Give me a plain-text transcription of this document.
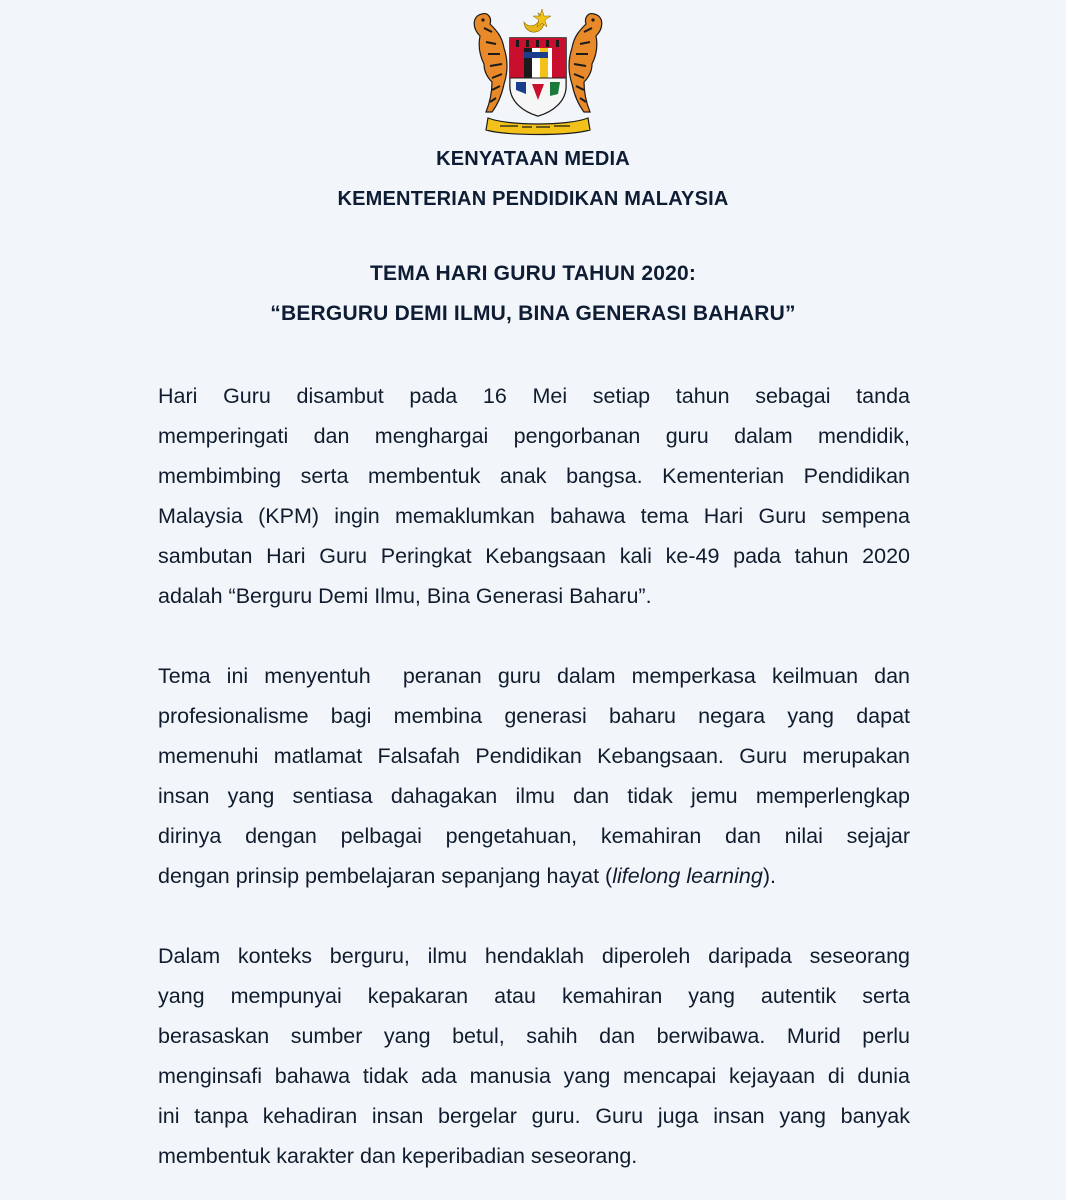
KENYATAAN MEDIA
KEMENTERIAN PENDIDIKAN MALAYSIA
TEMA HARI GURU TAHUN 2020:
“BERGURU DEMI ILMU, BINA GENERASI BAHARU”
Hari Guru disambut pada 16 Mei setiap tahun sebagai tanda
memperingati dan menghargai pengorbanan guru dalam mendidik,
membimbing serta membentuk anak bangsa. Kementerian Pendidikan
Malaysia (KPM) ingin memaklumkan bahawa tema Hari Guru sempena
sambutan Hari Guru Peringkat Kebangsaan kali ke-49 pada tahun 2020
adalah “Berguru Demi Ilmu, Bina Generasi Baharu”.
Tema ini menyentuh  peranan guru dalam memperkasa keilmuan dan
profesionalisme bagi membina generasi baharu negara yang dapat
memenuhi matlamat Falsafah Pendidikan Kebangsaan. Guru merupakan
insan yang sentiasa dahagakan ilmu dan tidak jemu memperlengkap
dirinya dengan pelbagai pengetahuan, kemahiran dan nilai sejajar
dengan prinsip pembelajaran sepanjang hayat (lifelong learning).
Dalam konteks berguru, ilmu hendaklah diperoleh daripada seseorang
yang mempunyai kepakaran atau kemahiran yang autentik serta
berasaskan sumber yang betul, sahih dan berwibawa. Murid perlu
menginsafi bahawa tidak ada manusia yang mencapai kejayaan di dunia
ini tanpa kehadiran insan bergelar guru. Guru juga insan yang banyak
membentuk karakter dan keperibadian seseorang.
